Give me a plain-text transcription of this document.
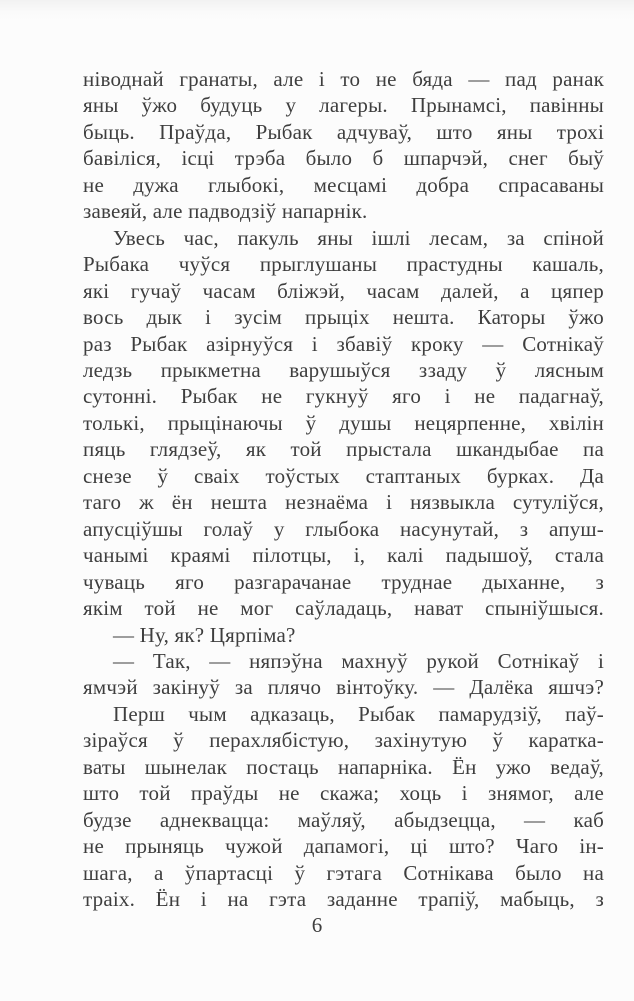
ніводнай гранаты, але і то не бяда — пад ранак
яны ўжо будуць у лагеры. Прынамсі, павінны
быць. Праўда, Рыбак адчуваў, што яны трохі
бавіліся, ісці трэба было б шпарчэй, снег быў
не дужа глыбокі, месцамі добра спрасаваны
завеяй, але падводзіў напарнік.
Увесь час, пакуль яны ішлі лесам, за спіной
Рыбака чуўся прыглушаны прастудны кашаль,
які гучаў часам бліжэй, часам далей, а цяпер
вось дык і зусім прыціх нешта. Каторы ўжо
раз Рыбак азірнуўся і збавіў кроку — Сотнікаў
ледзь прыкметна варушыўся ззаду ў лясным
сутонні. Рыбак не гукнуў яго і не падагнаў,
толькі, прыцінаючы ў душы нецярпенне, хвілін
пяць глядзеў, як той прыстала шкандыбае па
снезе ў сваіх тоўстых стаптаных бурках. Да
таго ж ён нешта незнаёма і нязвыкла сутуліўся,
апусціўшы голаў у глыбока насунутай, з апуш-
чанымі краямі пілотцы, і, калі падышоў, стала
чуваць яго разгарачанае труднае дыханне, з
якім той не мог саўладаць, нават спыніўшыся.
— Ну, як? Цярпіма?
— Так, — няпэўна махнуў рукой Сотнікаў і
ямчэй закінуў за плячо вінтоўку. — Далёка яшчэ?
Перш чым адказаць, Рыбак памарудзіў, паў-
зіраўся ў перахлябістую, захінутую ў каратка-
ваты шынелак постаць напарніка. Ён ужо ведаў,
што той праўды не скажа; хоць і знямог, але
будзе аднеквацца: маўляў, абыдзецца, — каб
не прыняць чужой дапамогі, ці што? Чаго ін-
шага, а ўпартасці ў гэтага Сотнікава было на
траіх. Ён і на гэта заданне трапіў, мабыць, з
6
